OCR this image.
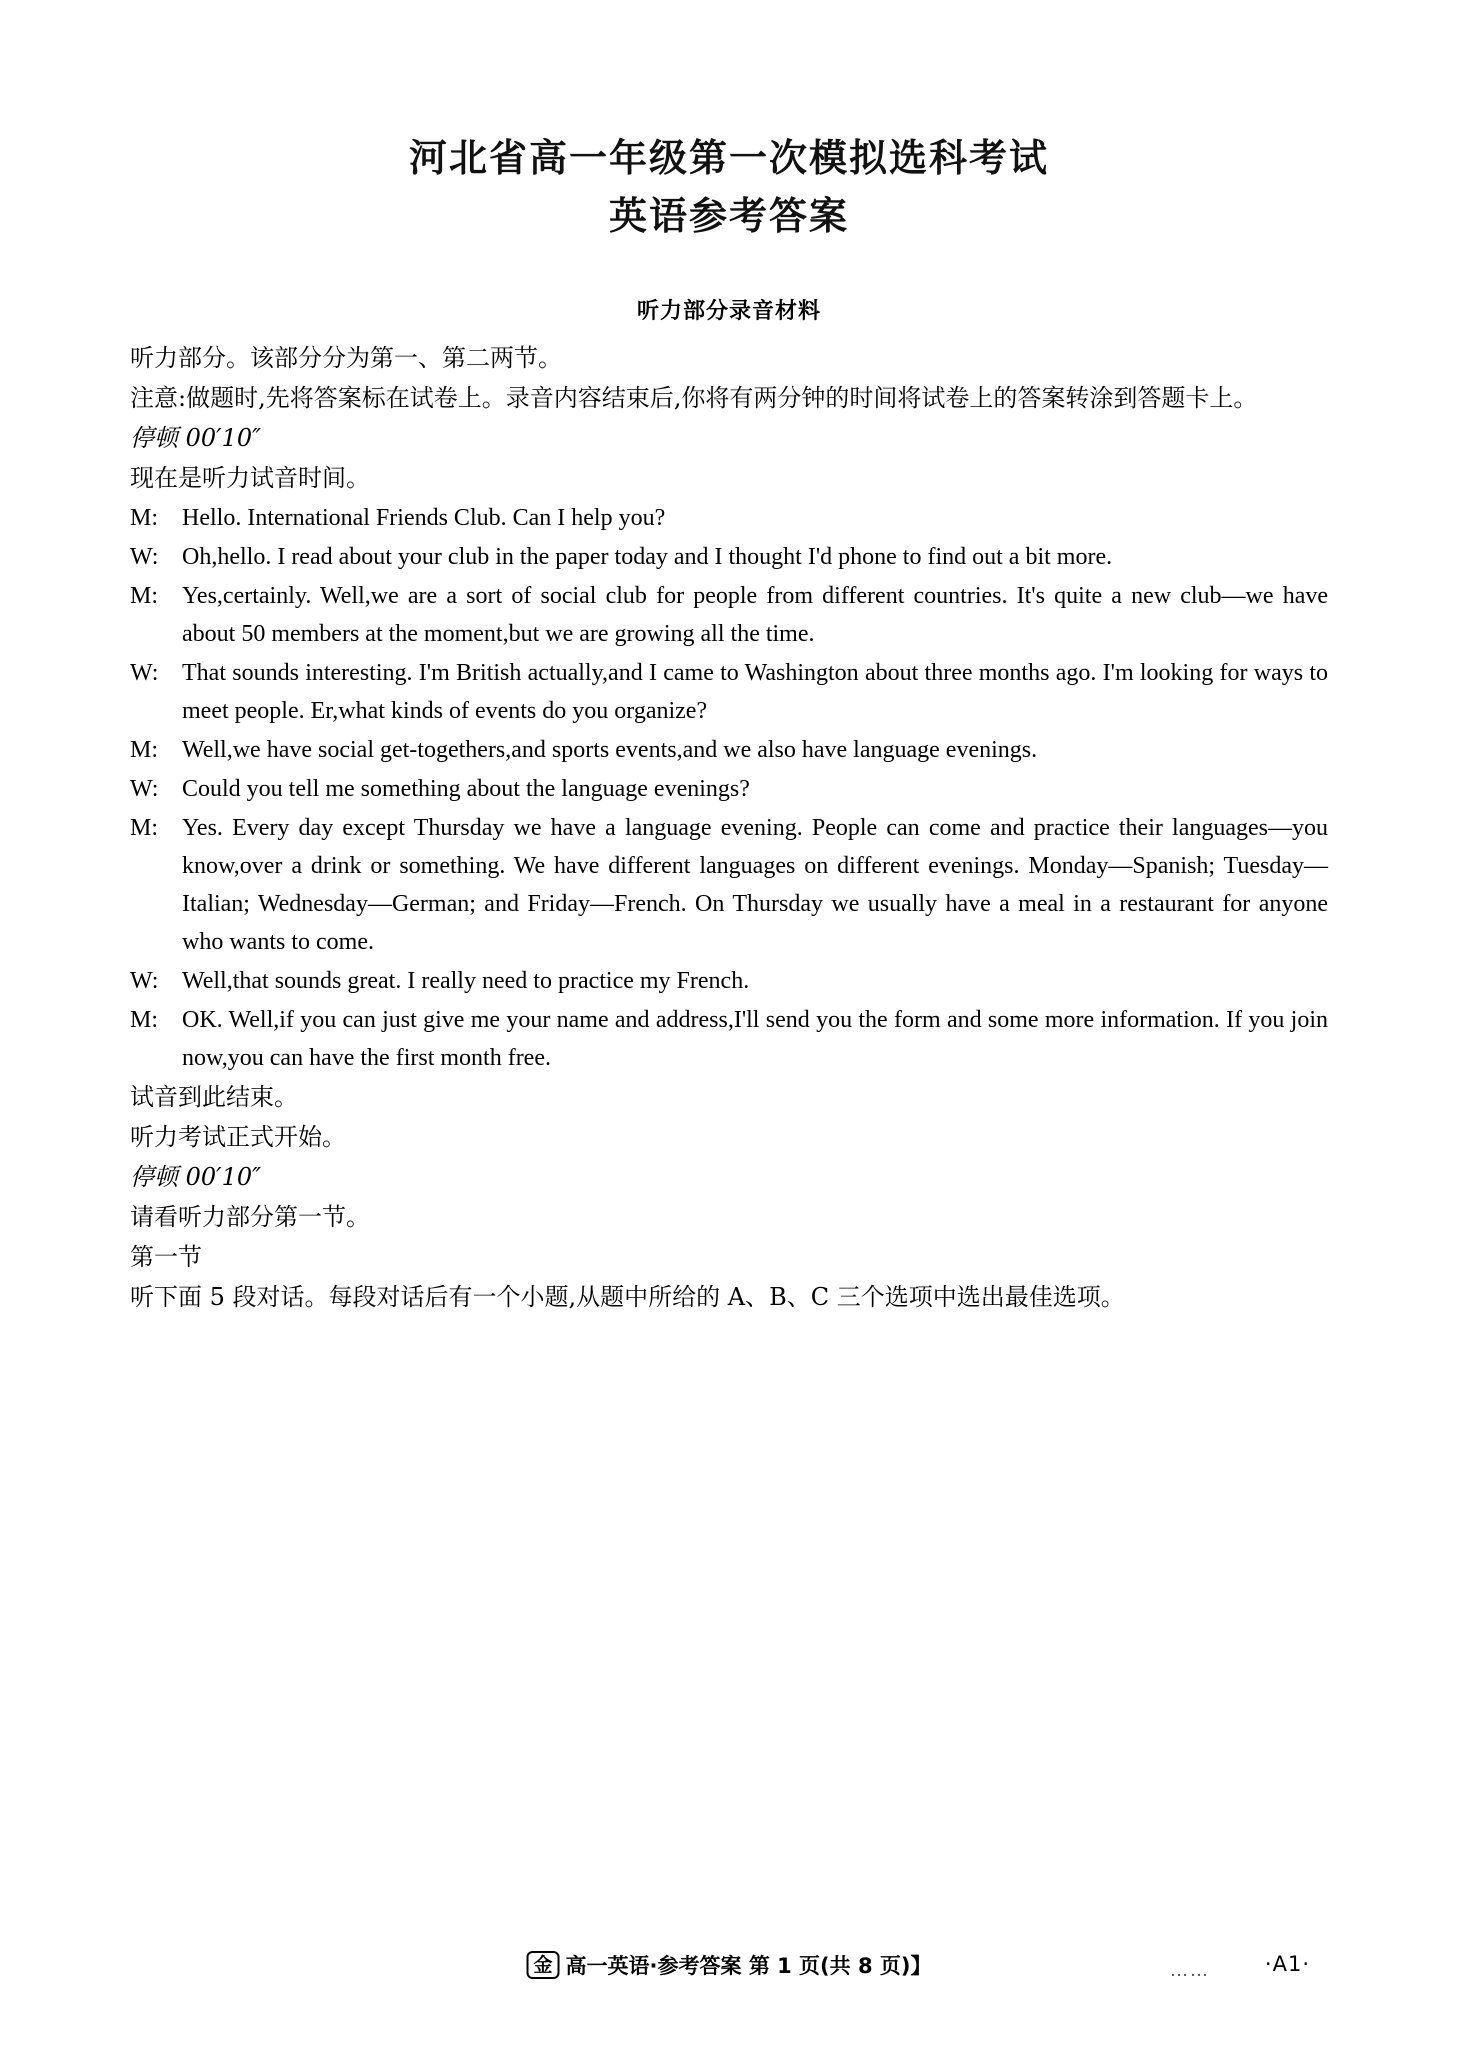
河北省高一年级第一次模拟选科考试
英语参考答案
听力部分录音材料

听力部分。该部分分为第一、第二两节。

注意:做题时,先将答案标在试卷上。录音内容结束后,你将有两分钟的时间将试卷上的答案转涂到答题卡上。

停顿 00′10″

现在是听力试音时间。

M: Hello. International Friends Club. Can I help you?
W: Oh,hello. I read about your club in the paper today and I thought I'd phone to find out a bit more.
M: Yes,certainly. Well,we are a sort of social club for people from different countries. It's quite a new club—we have about 50 members at the moment,but we are growing all the time.
W: That sounds interesting. I'm British actually,and I came to Washington about three months ago. I'm looking for ways to meet people. Er,what kinds of events do you organize?
M: Well,we have social get-togethers,and sports events,and we also have language evenings.
W: Could you tell me something about the language evenings?
M: Yes. Every day except Thursday we have a language evening. People can come and practice their languages—you know,over a drink or something. We have different languages on different evenings. Monday—Spanish; Tuesday—Italian; Wednesday—German; and Friday—French. On Thursday we usually have a meal in a restaurant for anyone who wants to come.
W: Well,that sounds great. I really need to practice my French.
M: OK. Well,if you can just give me your name and address,I'll send you the form and some more information. If you join now,you can have the first month free.

试音到此结束。

听力考试正式开始。

停顿 00′10″

请看听力部分第一节。

第一节

听下面 5 段对话。每段对话后有一个小题,从题中所给的 A、B、C 三个选项中选出最佳选项。

金 高一英语·参考答案 第 1 页(共 8 页)】	……	·A1·
